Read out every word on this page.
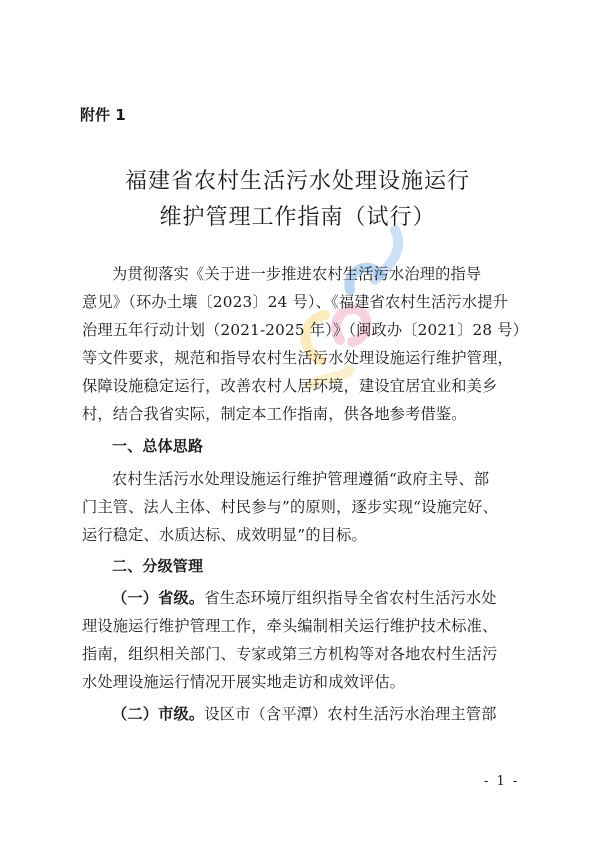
附件 1
福建省农村生活污水处理设施运行
维护管理工作指南（试行）
为贯彻落实《关于进一步推进农村生活污水治理的指导
意见》（环办土壤〔2023〕24 号）、《福建省农村生活污水提升
治理五年行动计划（2021-2025 年）》（闽政办〔2021〕28 号）
等文件要求，规范和指导农村生活污水处理设施运行维护管理，
保障设施稳定运行，改善农村人居环境，建设宜居宜业和美乡
村，结合我省实际，制定本工作指南，供各地参考借鉴。
一、总体思路
农村生活污水处理设施运行维护管理遵循“政府主导、部
门主管、法人主体、村民参与”的原则，逐步实现“设施完好、
运行稳定、水质达标、成效明显”的目标。
二、分级管理
（一）省级。省生态环境厅组织指导全省农村生活污水处
理设施运行维护管理工作，牵头编制相关运行维护技术标准、
指南，组织相关部门、专家或第三方机构等对各地农村生活污
水处理设施运行情况开展实地走访和成效评估。
（二）市级。设区市（含平潭）农村生活污水治理主管部
- 1 -
